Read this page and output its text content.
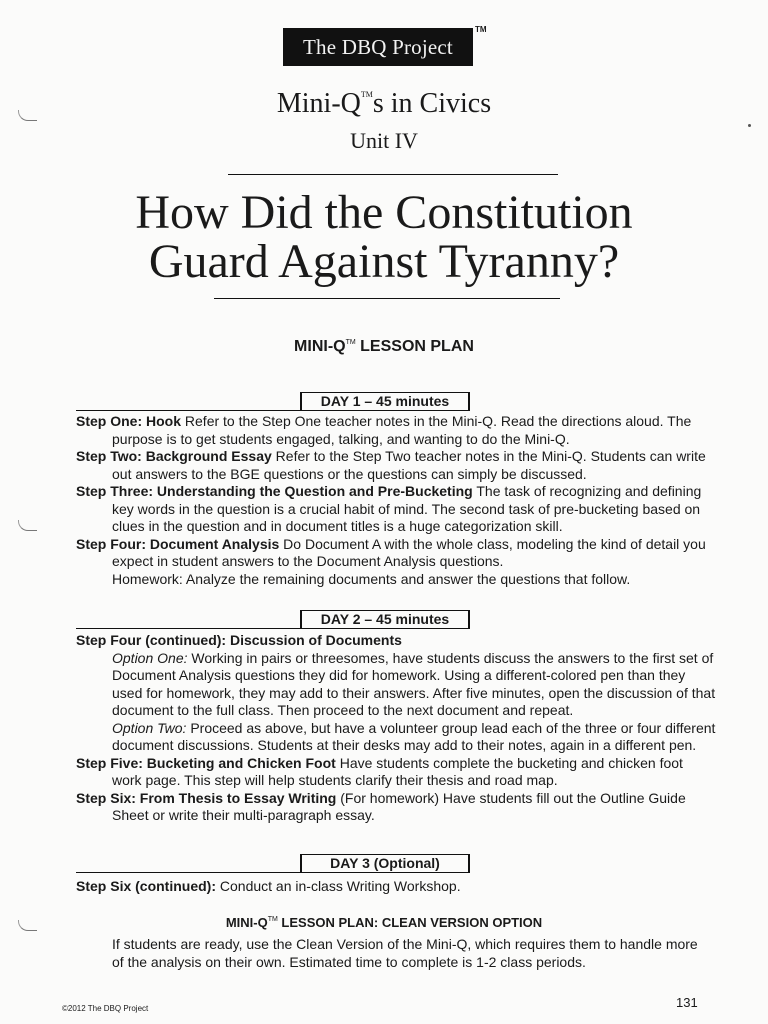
The DBQ Project
TM
Mini-Q™s in Civics
Unit IV
How Did the Constitution
Guard Against Tyranny?
MINI-Q™ LESSON PLAN
DAY 1 – 45 minutes
Step One: Hook Refer to the Step One teacher notes in the Mini-Q. Read the directions aloud. The purpose is to get students engaged, talking, and wanting to do the Mini-Q.
Step Two: Background Essay Refer to the Step Two teacher notes in the Mini-Q. Students can write out answers to the BGE questions or the questions can simply be discussed.
Step Three: Understanding the Question and Pre-Bucketing The task of recognizing and defining key words in the question is a crucial habit of mind. The second task of pre-bucketing based on clues in the question and in document titles is a huge categorization skill.
Step Four: Document Analysis Do Document A with the whole class, modeling the kind of detail you expect in student answers to the Document Analysis questions.
Homework: Analyze the remaining documents and answer the questions that follow.
DAY 2 – 45 minutes
Step Four (continued): Discussion of Documents
Option One: Working in pairs or threesomes, have students discuss the answers to the first set of Document Analysis questions they did for homework. Using a different-colored pen than they used for homework, they may add to their answers. After five minutes, open the discussion of that document to the full class. Then proceed to the next document and repeat.
Option Two: Proceed as above, but have a volunteer group lead each of the three or four different document discussions. Students at their desks may add to their notes, again in a different pen.
Step Five: Bucketing and Chicken Foot Have students complete the bucketing and chicken foot work page. This step will help students clarify their thesis and road map.
Step Six: From Thesis to Essay Writing (For homework) Have students fill out the Outline Guide Sheet or write their multi-paragraph essay.
DAY 3 (Optional)
Step Six (continued): Conduct an in-class Writing Workshop.
MINI-Q™ LESSON PLAN: CLEAN VERSION OPTION
If students are ready, use the Clean Version of the Mini-Q, which requires them to handle more of the analysis on their own. Estimated time to complete is 1-2 class periods.
©2012 The DBQ Project	131
